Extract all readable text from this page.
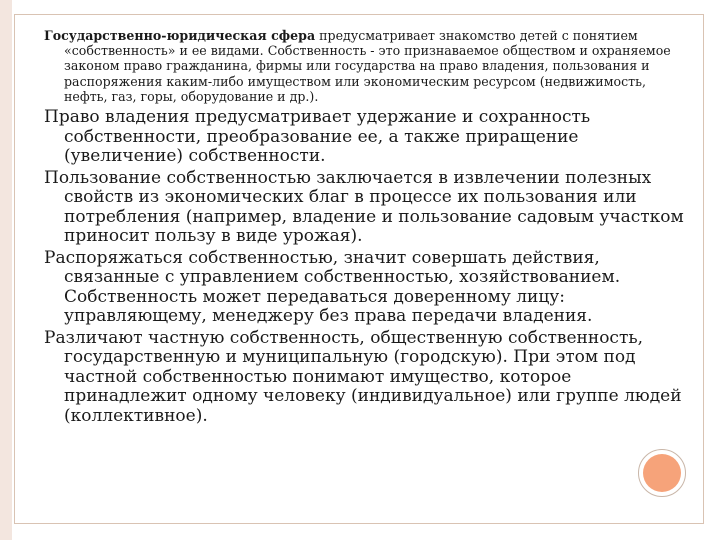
Государственно-юридическая сфера предусматривает знакомство детей с понятием «собственность» и ее видами. Собственность - это признаваемое обществом и охраняемое законом право гражданина, фирмы или государства на право владения, пользования и распоряжения каким-либо имуществом или экономическим ресурсом (недвижимость, нефть, газ, горы, оборудование и др.).

Право владения предусматривает удержание и сохранность собственности, преобразование ее, а также приращение (увеличение) собственности.

Пользование собственностью заключается в извлечении полезных свойств из экономических благ в процессе их пользования или потребления (например, владение и пользование садовым участком приносит пользу в виде урожая).

Распоряжаться собственностью, значит совершать действия, связанные с управлением собственностью, хозяйствованием. Собственность может передаваться доверенному лицу: управляющему, менеджеру без права передачи владения.

Различают частную собственность, общественную собственность, государственную и муниципальную (городскую). При этом под частной собственностью понимают имущество, которое принадлежит одному человеку (индивидуальное) или группе людей (коллективное).
